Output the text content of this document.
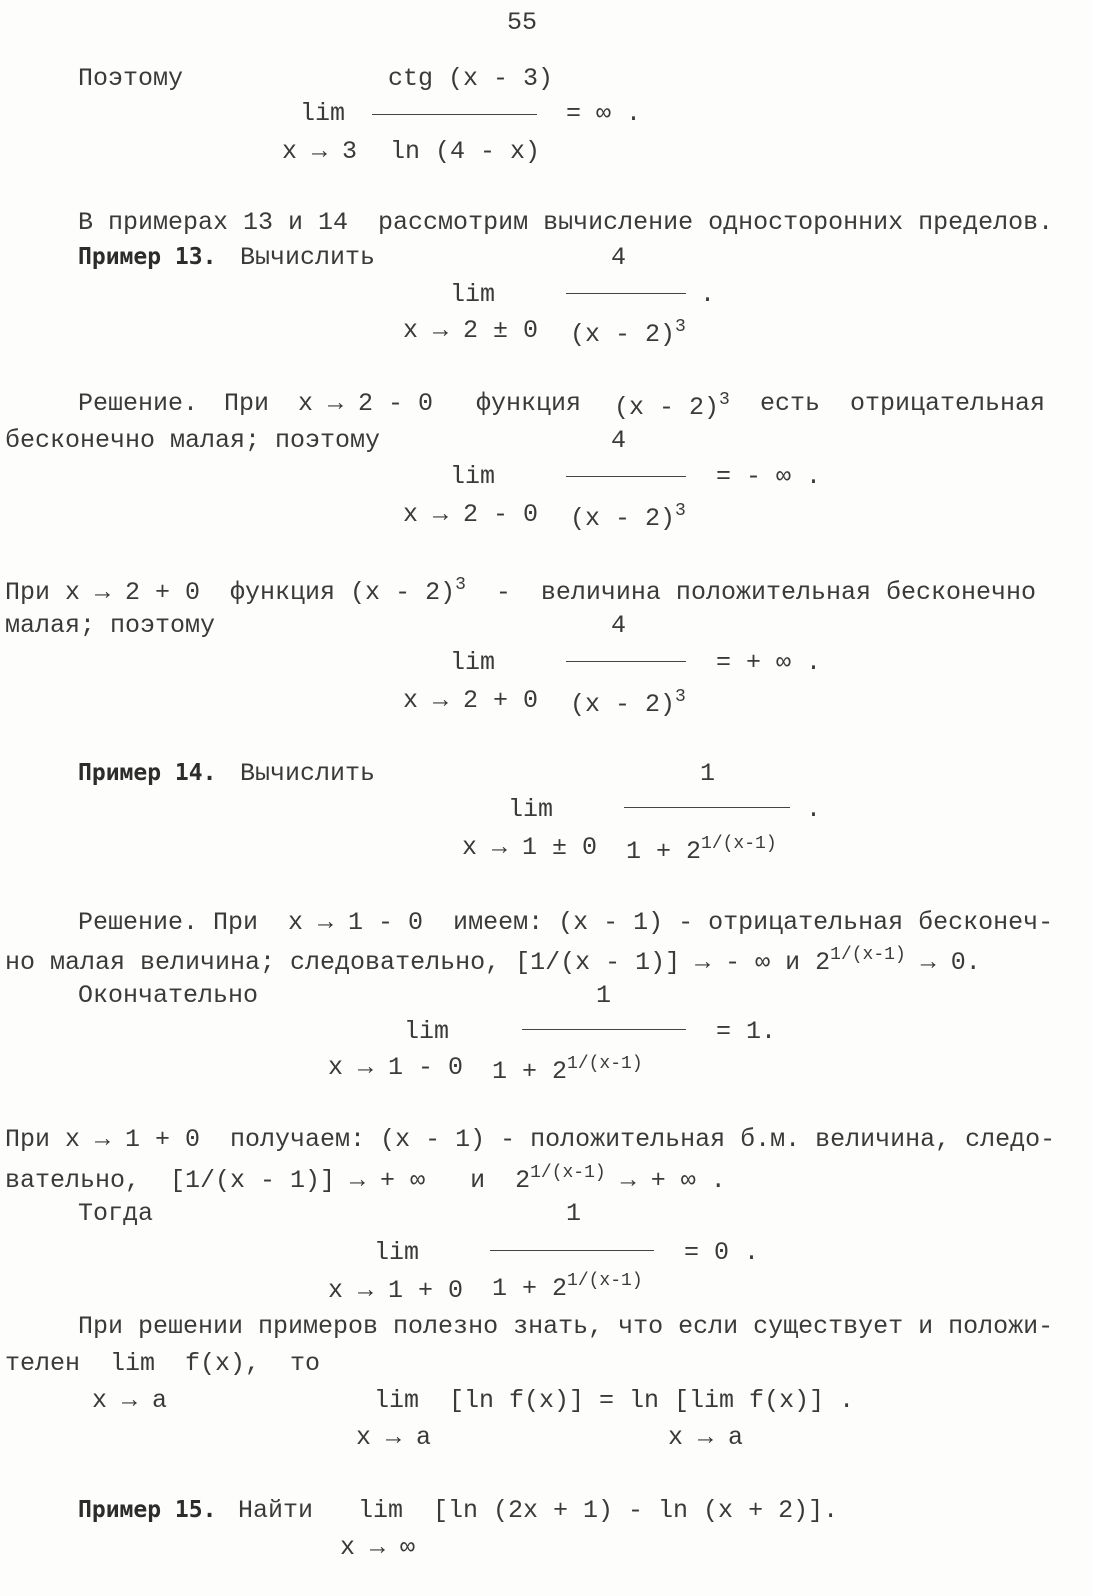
55
Поэтому	ctg (x - 3)
lim	= ∞ .
x → 3 ln (4 - x)
В примерах 13 и 14  рассмотрим вычисление односторонних пределов.
Пример 13. Вычислить	4
lim	.
x → 2 ± 0 (x - 2)$^3$
Решение. При x → 2 - 0 функция (x - 2)$^3$ есть отрицательная
бесконечно малая; поэтому	4
lim	= - ∞ .
x → 2 - 0 (x - 2)$^3$
При x → 2 + 0  функция (x - 2)$^3$ -  величина положительная бесконечно
малая; поэтому	4
lim	= + ∞ .
x → 2 + 0 (x - 2)$^3$
Пример 14. Вычислить	1
lim	.
x → 1 ± 0 $1 + 2^{1/(x-1)}$
Решение. При  x → 1 - 0  имеем: (x - 1) - отрицательная бесконеч-
но малая величина; следовательно, [1/(x - 1)] → - ∞ и $2^{1/(x-1)} \to 0$.
Окончательно	1
lim	= 1.
x → 1 - 0 $1 + 2^{1/(x-1)}$
При x → 1 + 0  получаем: (x - 1) - положительная б.м. величина, следо-
вательно,  [1/(x - 1)] → + ∞   и  $2^{1/(x-1)}$ → + ∞ .
Тогда	1
lim	= 0 .
x → 1 + 0 $1 + 2^{1/(x-1)}$
При решении примеров полезно знать, что если существует и положи-
телен  lim  f(x),  то
x → a	lim  [ln f(x)] = ln [lim f(x)] .
x → a	x → a
Пример 15. Найти lim  [ln (2x + 1) - ln (x + 2)].
x → ∞
